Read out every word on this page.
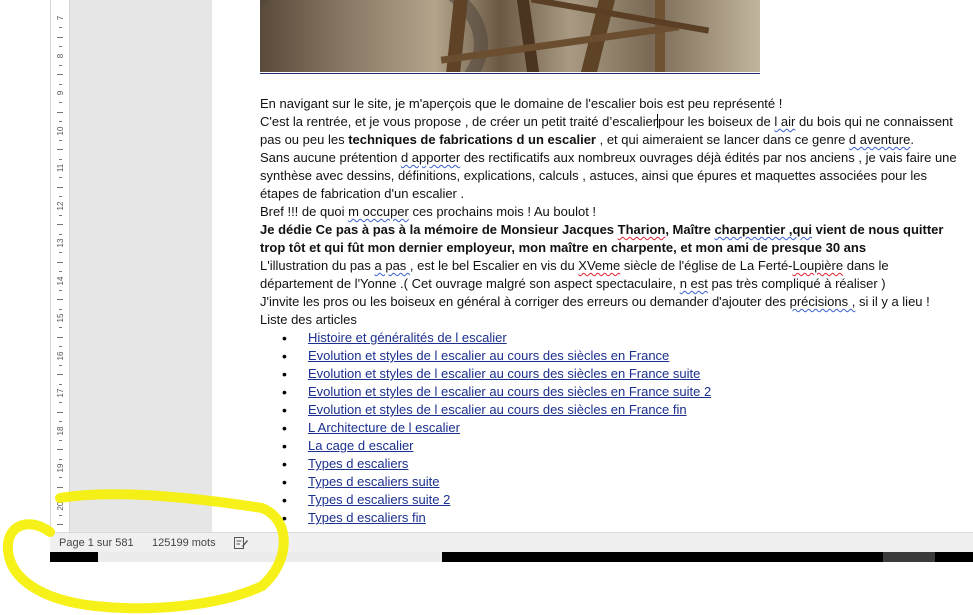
7
8
9
10
11
12
13
14
15
16
17
18
19
20

En navigant sur le site, je m'aperçois que le domaine de l'escalier bois est peu représenté !

C'est la rentrée, et je vous propose , de créer un petit traité d’escalierpour les boiseux de l air du bois qui ne connaissent pas ou peu les techniques de fabrications d un escalier , et qui aimeraient se lancer dans ce genre d aventure.

Sans aucune prétention d apporter des rectificatifs aux nombreux ouvrages déjà édités par nos anciens , je vais faire une synthèse avec dessins, définitions, explications, calculs , astuces, ainsi que épures et maquettes associées pour les étapes de fabrication d'un escalier .

Bref !!! de quoi m occuper ces prochains mois ! Au boulot !

Je dédie Ce pas à pas à la mémoire de Monsieur Jacques Tharion, Maître charpentier ,qui vient de nous quitter trop tôt et qui fût mon dernier employeur, mon maître en charpente, et mon ami de presque 30 ans

L'illustration du pas a pas , est le bel Escalier en vis du XVeme siècle de l'église de La Ferté-Loupière dans le département de l'Yonne .( Cet ouvrage malgré son aspect spectaculaire, n est pas très compliqué à réaliser )

J'invite les pros ou les boiseux en général à corriger des erreurs ou demander d'ajouter des précisions , si il y a lieu !

Liste des articles

• Histoire et généralités de l escalier
• Evolution et styles de l escalier au cours des siècles en France
• Evolution et styles de l escalier au cours des siècles en France suite
• Evolution et styles de l escalier au cours des siècles en France suite 2
• Evolution et styles de l escalier au cours des siècles en France fin
• L Architecture de l escalier
• La cage d escalier
• Types d escaliers
• Types d escaliers suite
• Types d escaliers suite 2
• Types d escaliers fin
Page 1 sur 581 125199 mots
